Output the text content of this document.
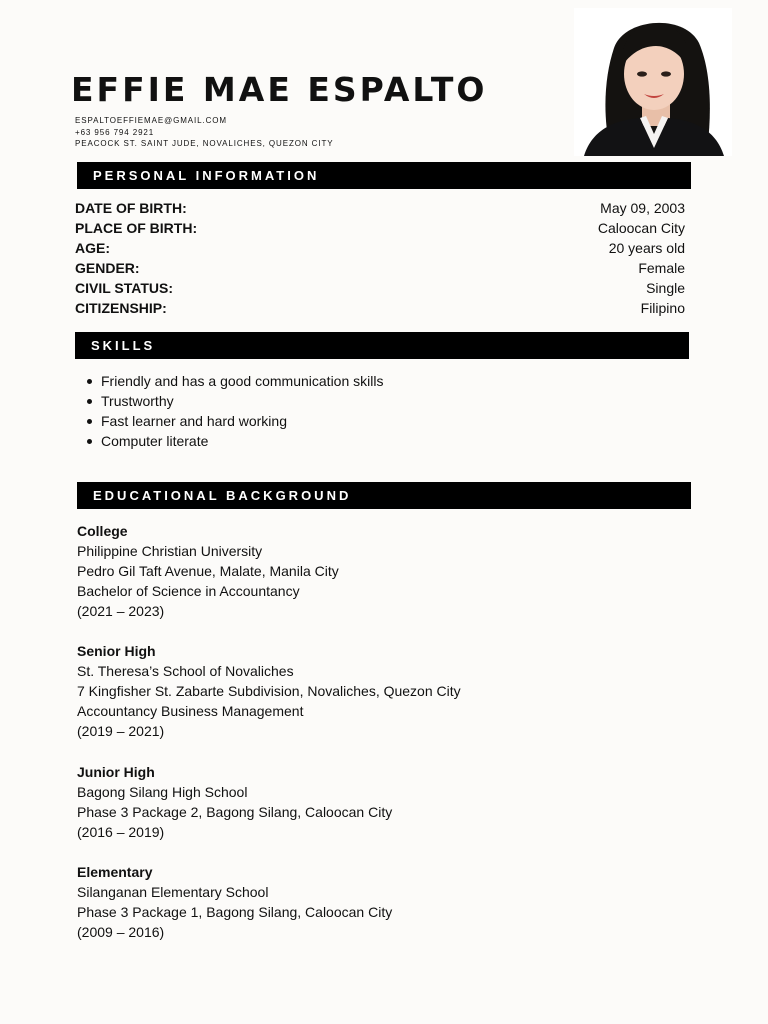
EFFIE MAE ESPALTO
ESPALTOEFFIEMAE@GMAIL.COM
+63 956 794 2921
PEACOCK ST. SAINT JUDE, NOVALICHES, QUEZON CITY
PERSONAL INFORMATION
DATE OF BIRTH:	May 09, 2003
PLACE OF BIRTH:	Caloocan City
AGE:	20 years old
GENDER:	Female
CIVIL STATUS:	Single
CITIZENSHIP:	Filipino
SKILLS
Friendly and has a good communication skills
Trustworthy
Fast learner and hard working
Computer literate
EDUCATIONAL BACKGROUND
College
Philippine Christian University
Pedro Gil Taft Avenue, Malate, Manila City
Bachelor of Science in Accountancy
(2021 – 2023)
Senior High
St. Theresa’s School of Novaliches
7 Kingfisher St. Zabarte Subdivision, Novaliches, Quezon City
Accountancy Business Management
(2019 – 2021)
Junior High
Bagong Silang High School
Phase 3 Package 2, Bagong Silang, Caloocan City
(2016 – 2019)
Elementary
Silanganan Elementary School
Phase 3 Package 1, Bagong Silang, Caloocan City
(2009 – 2016)
